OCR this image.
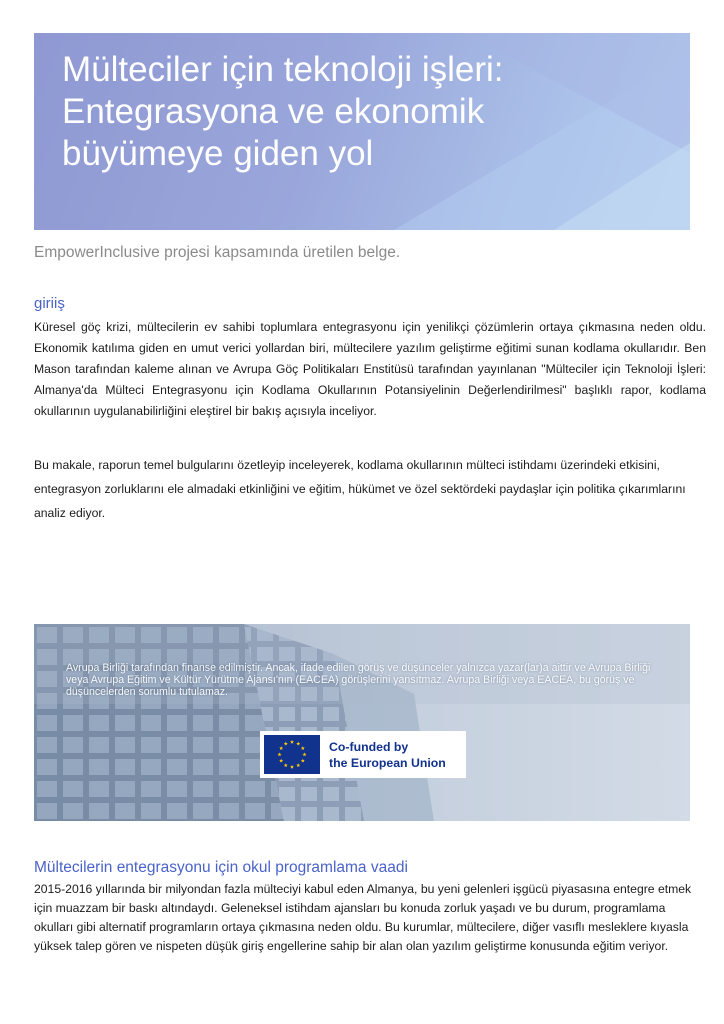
Mülteciler için teknoloji işleri:
Entegrasyona ve ekonomik
büyümeye giden yol

EmpowerInclusive projesi kapsamında üretilen belge.

giriiş

Küresel göç krizi, mültecilerin ev sahibi toplumlara entegrasyonu için yenilikçi çözümlerin ortaya çıkmasına neden oldu. Ekonomik katılıma giden en umut verici yollardan biri, mültecilere yazılım geliştirme eğitimi sunan kodlama okullarıdır. Ben Mason tarafından kaleme alınan ve Avrupa Göç Politikaları Enstitüsü tarafından yayınlanan "Mülteciler için Teknoloji İşleri: Almanya'da Mülteci Entegrasyonu için Kodlama Okullarının Potansiyelinin Değerlendirilmesi" başlıklı rapor, kodlama okullarının uygulanabilirliğini eleştirel bir bakış açısıyla inceliyor.

Bu makale, raporun temel bulgularını özetleyip inceleyerek, kodlama okullarının mülteci istihdamı üzerindeki etkisini, entegrasyon zorluklarını ele almadaki etkinliğini ve eğitim, hükümet ve özel sektördeki paydaşlar için politika çıkarımlarını analiz ediyor.

Avrupa Birliği tarafından finanse edilmiştir. Ancak, ifade edilen görüş ve düşünceler yalnızca yazar(lar)a aittir ve Avrupa Birliği veya Avrupa Eğitim ve Kültür Yürütme Ajansı'nın (EACEA) görüşlerini yansıtmaz. Avrupa Birliği veya EACEA, bu görüş ve düşüncelerden sorumlu tutulamaz.

Co-funded by
the European Union
Mültecilerin entegrasyonu için okul programlama vaadi

2015-2016 yıllarında bir milyondan fazla mülteciyi kabul eden Almanya, bu yeni gelenleri işgücü piyasasına entegre etmek için muazzam bir baskı altındaydı. Geleneksel istihdam ajansları bu konuda zorluk yaşadı ve bu durum, programlama okulları gibi alternatif programların ortaya çıkmasına neden oldu. Bu kurumlar, mültecilere, diğer vasıflı mesleklere kıyasla yüksek talep gören ve nispeten düşük giriş engellerine sahip bir alan olan yazılım geliştirme konusunda eğitim veriyor.
